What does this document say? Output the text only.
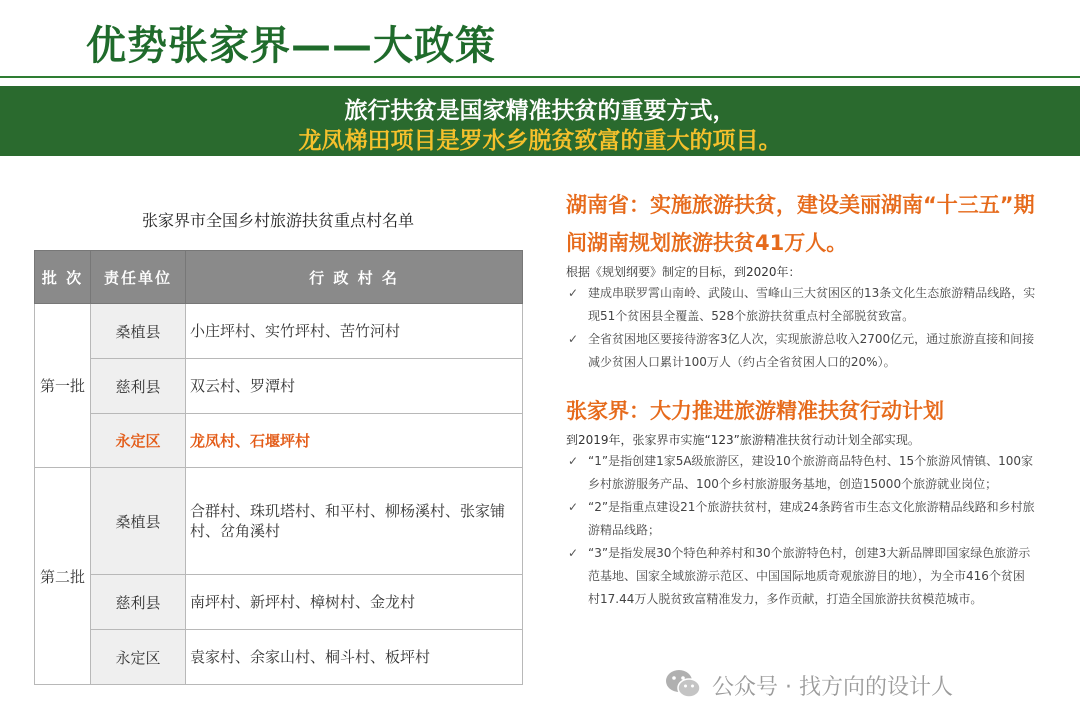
优势张家界——大政策
旅行扶贫是国家精准扶贫的重要方式，
龙凤梯田项目是罗水乡脱贫致富的重大的项目。
张家界市全国乡村旅游扶贫重点村名单
批 次	责任单位	行 政 村 名
第一批	桑植县	小庄坪村、实竹坪村、苦竹河村
	慈利县	双云村、罗潭村
	永定区	龙凤村、石堰坪村
第二批	桑植县	合群村、珠玑塔村、和平村、柳杨溪村、张家铺村、岔角溪村
	慈利县	南坪村、新坪村、樟树村、金龙村
	永定区	袁家村、余家山村、桐斗村、板坪村
湖南省：实施旅游扶贫，建设美丽湖南“十三五”期间湖南规划旅游扶贫41万人。
根据《规划纲要》制定的目标，到2020年：
✓ 建成串联罗霄山南岭、武陵山、雪峰山三大贫困区的13条文化生态旅游精品线路，实现51个贫困县全覆盖、528个旅游扶贫重点村全部脱贫致富。
✓ 全省贫困地区要接待游客3亿人次，实现旅游总收入2700亿元，通过旅游直接和间接减少贫困人口累计100万人（约占全省贫困人口的20%）。
张家界：大力推进旅游精准扶贫行动计划
到2019年，张家界市实施“123”旅游精准扶贫行动计划全部实现。
✓ “1”是指创建1家5A级旅游区，建设10个旅游商品特色村、15个旅游风情镇、100家乡村旅游服务产品、100个乡村旅游服务基地，创造15000个旅游就业岗位；
✓ “2”是指重点建设21个旅游扶贫村，建成24条跨省市生态文化旅游精品线路和乡村旅游精品线路；
✓ “3”是指发展30个特色种养村和30个旅游特色村，创建3大新品牌即国家绿色旅游示范基地、国家全域旅游示范区、中国国际地质奇观旅游目的地），为全市416个贫困村17.44万人脱贫致富精准发力，多作贡献，打造全国旅游扶贫模范城市。
公众号 · 找方向的设计人
